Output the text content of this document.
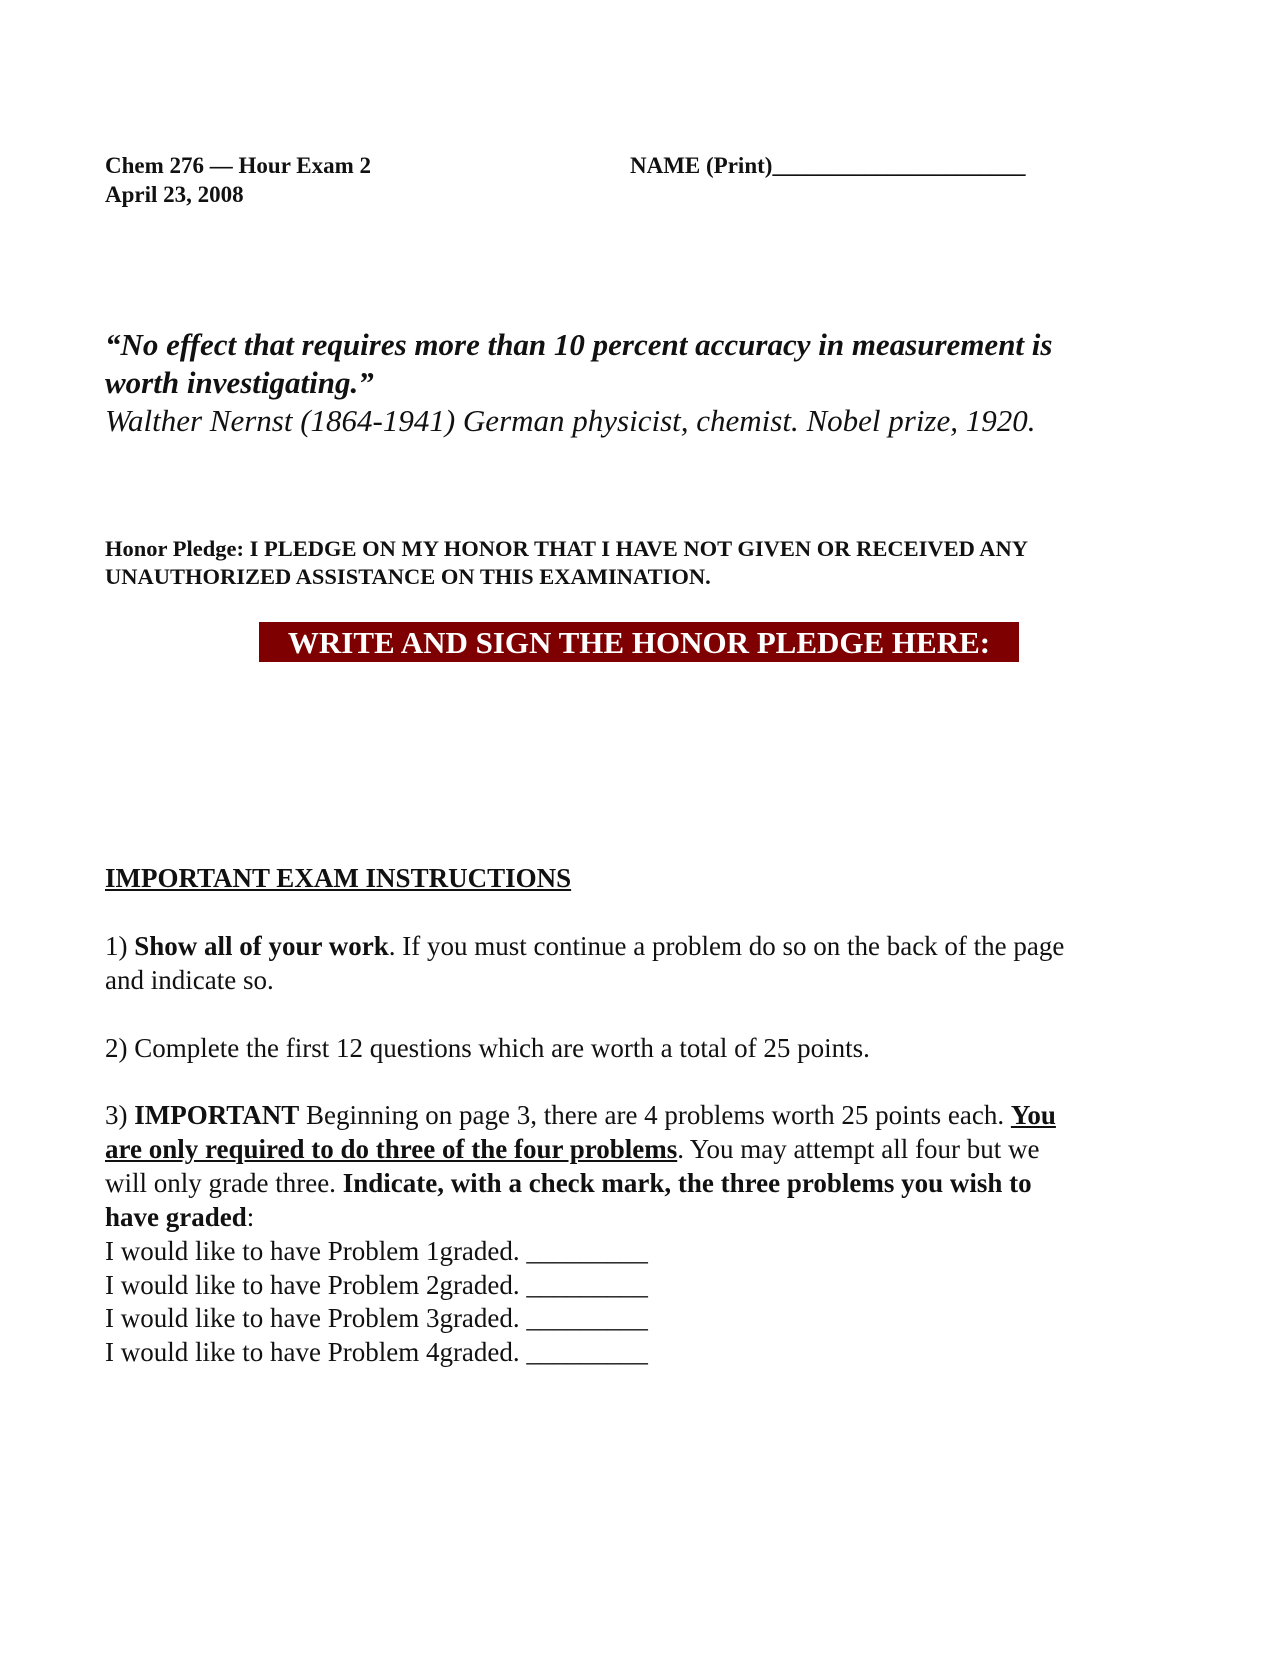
Chem 276 — Hour Exam 2
April 23, 2008
NAME (Print)______________________
“No effect that requires more than 10 percent accuracy in measurement is
worth investigating.”
Walther Nernst (1864-1941) German physicist, chemist. Nobel prize, 1920.
Honor Pledge: I PLEDGE ON MY HONOR THAT I HAVE NOT GIVEN OR RECEIVED ANY
UNAUTHORIZED ASSISTANCE ON THIS EXAMINATION.
WRITE AND SIGN THE HONOR PLEDGE HERE:
IMPORTANT EXAM INSTRUCTIONS
1) Show all of your work. If you must continue a problem do so on the back of the page
and indicate so.
2) Complete the first 12 questions which are worth a total of 25 points.
3) IMPORTANT Beginning on page 3, there are 4 problems worth 25 points each. You
are only required to do three of the four problems. You may attempt all four but we
will only grade three. Indicate, with a check mark, the three problems you wish to
have graded:
I would like to have Problem 1graded. _________
I would like to have Problem 2graded. _________
I would like to have Problem 3graded. _________
I would like to have Problem 4graded. _________
